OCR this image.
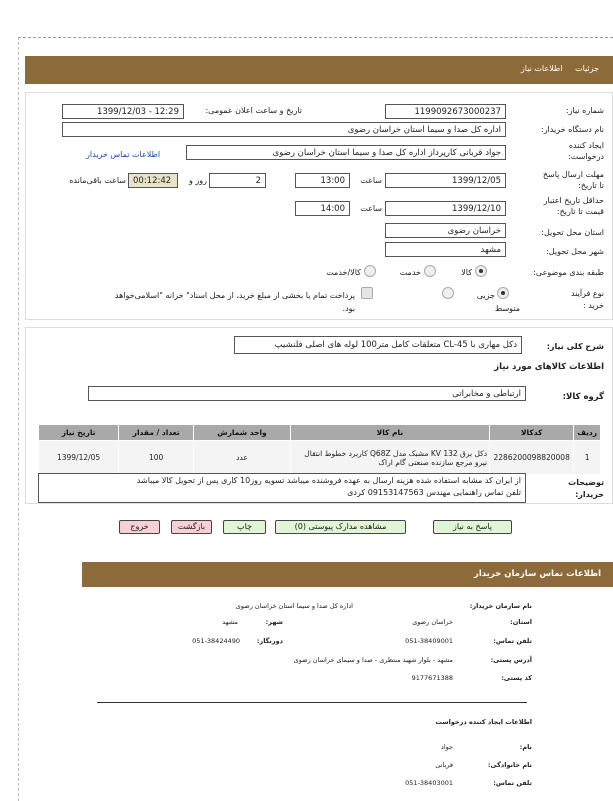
جزئیات اطلاعات نیاز
شماره نیاز:
1199092673000237
تاریخ و ساعت اعلان عمومی:
1399/12/03 - 12:29
نام دستگاه خریدار:
اداره کل صدا و سیما استان خراسان رضوی
ایجاد کننده
درخواست:
جواد قربانی کارپرداز اداره کل صدا و سیما استان خراسان رضوی
اطلاعات تماس خریدار
مهلت ارسال پاسخ
تا تاریخ:
1399/12/05
ساعت
13:00
2
روز و
00:12:42
ساعت باقی‌مانده
حداقل تاریخ اعتبار
قیمت تا تاریخ:
1399/12/10
ساعت
14:00
استان محل تحویل:
خراسان رضوی
شهر محل تحویل:
مشهد
طبقه بندی موضوعی:
کالا
خدمت
کالا/خدمت
نوع فرآیند
خرید :
جزیی
متوسط
پرداخت تمام یا بخشی از مبلغ خرید، از محل اسناد" خزانه "اسلامی‌خواهد
بود.
شرح کلی نیاز:
دکل مهاری با CL-45 متعلقات کامل متر100 لوله های اصلی فلنشیپ
اطلاعات کالاهای مورد نیاز
گروه کالا:
ارتباطی و مخابراتی
ردیف	کدکالا	نام کالا	واحد شمارش	تعداد / مقدار	تاریخ نیاز
1	2286200098820008	دکل برق 132 KV مشبک مدل Q68Z کاربرد خطوط انتقال نیرو مرجع سازنده صنعتی گام اراک	عدد	100	1399/12/05
توضیحات
خریدار:
از ایران کد مشابه استفاده شده هزینه ارسال به عهده فروشنده میباشد تسویه روز10 کاری پس از تحویل کالا میباشد
تلفن تماس راهنمایی مهندس 09153147563 کردی
پاسخ به نیاز
مشاهده مدارک پیوستی (0)
چاپ
بازگشت
خروج
اطلاعات تماس سازمان خریدار
نام سازمان خریدار:
اداره کل صدا و سیما استان خراسان رضوی
استان:
خراسان رضوی
شهر:
مشهد
تلفن تماس:
051-38409001
دورنگار:
051-38424490
آدرس پستی:
مشهد - بلوار شهید منتظری - صدا و سیمای خراسان رضوی
کد پستی:
9177671388
اطلاعات ایجاد کننده درخواست
نام:
جواد
نام خانوادگی:
قربانی
تلفن تماس:
051-38403001
